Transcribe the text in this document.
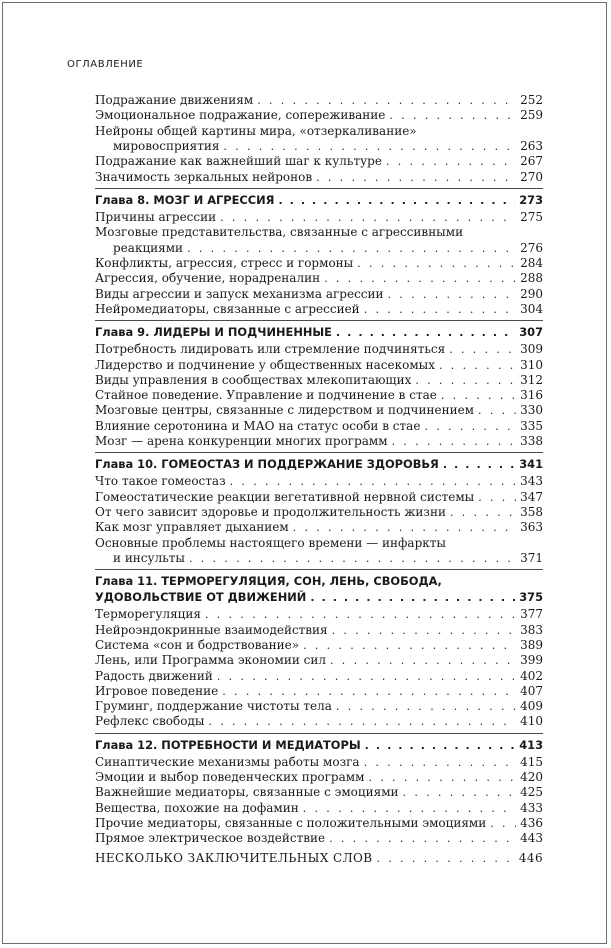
ОГЛАВЛЕНИЕ
Подражание движениям . . .	252
Эмоциональное подражание, сопереживание . . .	259
Нейроны общей картины мира, «отзеркаливание»
мировосприятия . . .	263
Подражание как важнейший шаг к культуре . . .	267
Значимость зеркальных нейронов . . .	270
Глава 8. МОЗГ И АГРЕССИЯ . . .	273
Причины агрессии . . .	275
Мозговые представительства, связанные с агрессивными
реакциями . . .	276
Конфликты, агрессия, стресс и гормоны . . .	284
Агрессия, обучение, норадреналин . . .	288
Виды агрессии и запуск механизма агрессии . . .	290
Нейромедиаторы, связанные с агрессией . . .	304
Глава 9. ЛИДЕРЫ И ПОДЧИНЕННЫЕ . . .	307
Потребность лидировать или стремление подчиняться . . .	309
Лидерство и подчинение у общественных насекомых . . .	310
Виды управления в сообществах млекопитающих . . .	312
Стайное поведение. Управление и подчинение в стае . . .	316
Мозговые центры, связанные с лидерством и подчинением . . .	330
Влияние серотонина и МАО на статус особи в стае . . .	335
Мозг — арена конкуренции многих программ . . .	338
Глава 10. ГОМЕОСТАЗ И ПОДДЕРЖАНИЕ ЗДОРОВЬЯ . . .	341
Что такое гомеостаз . . .	343
Гомеостатические реакции вегетативной нервной системы . . .	347
От чего зависит здоровье и продолжительность жизни . . .	358
Как мозг управляет дыханием . . .	363
Основные проблемы настоящего времени — инфаркты
и инсульты . . .	371
Глава 11. ТЕРМОРЕГУЛЯЦИЯ, СОН, ЛЕНЬ, СВОБОДА,
УДОВОЛЬСТВИЕ ОТ ДВИЖЕНИЙ . . .	375
Терморегуляция . . .	377
Нейроэндокринные взаимодействия . . .	383
Система «сон и бодрствование» . . .	389
Лень, или Программа экономии сил . . .	399
Радость движений . . .	402
Игровое поведение . . .	407
Груминг, поддержание чистоты тела . . .	409
Рефлекс свободы . . .	410
Глава 12. ПОТРЕБНОСТИ И МЕДИАТОРЫ . . .	413
Синаптические механизмы работы мозга . . .	415
Эмоции и выбор поведенческих программ . . .	420
Важнейшие медиаторы, связанные с эмоциями . . .	425
Вещества, похожие на дофамин . . .	433
Прочие медиаторы, связанные с положительными эмоциями . . .	436
Прямое электрическое воздействие . . .	443
НЕСКОЛЬКО ЗАКЛЮЧИТЕЛЬНЫХ СЛОВ . . .	446
